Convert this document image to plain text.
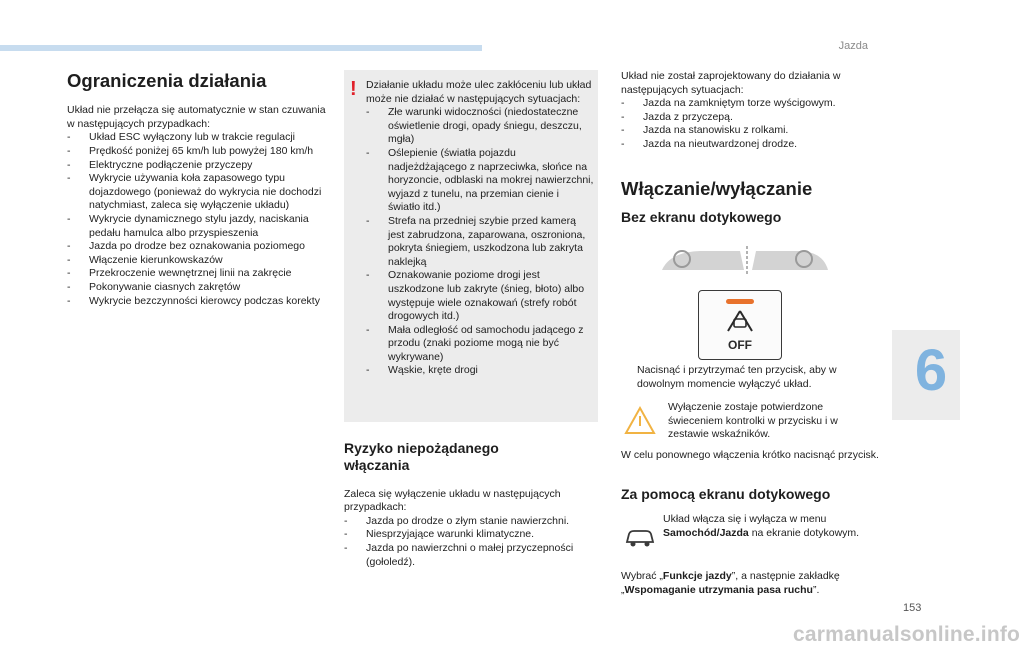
Jazda
6
153
carmanualsonline.info
Ograniczenia działania

Układ nie przełącza się automatycznie w stan czuwania w następujących przypadkach:

- Układ ESC wyłączony lub w trakcie regulacji
- Prędkość poniżej 65 km/h lub powyżej 180 km/h
- Elektryczne podłączenie przyczepy
- Wykrycie używania koła zapasowego typu dojazdowego (ponieważ do wykrycia nie dochodzi natychmiast, zaleca się wyłączenie układu)
- Wykrycie dynamicznego stylu jazdy, naciskania pedału hamulca albo przyspieszenia
- Jazda po drodze bez oznakowania poziomego
- Włączenie kierunkowskazów
- Przekroczenie wewnętrznej linii na zakręcie
- Pokonywanie ciasnych zakrętów
- Wykrycie bezczynności kierowcy podczas korekty
! Działanie układu może ulec zakłóceniu lub układ może nie działać w następujących sytuacjach:

- Złe warunki widoczności (niedostateczne oświetlenie drogi, opady śniegu, deszczu, mgła)
- Oślepienie (światła pojazdu nadjeżdżającego z naprzeciwka, słońce na horyzoncie, odblaski na mokrej nawierzchni, wyjazd z tunelu, na przemian cienie i światło itd.)
- Strefa na przedniej szybie przed kamerą jest zabrudzona, zaparowana, oszroniona, pokryta śniegiem, uszkodzona lub zakryta naklejką
- Oznakowanie poziome drogi jest uszkodzone lub zakryte (śnieg, błoto) albo występuje wiele oznakowań (strefy robót drogowych itd.)
- Mała odległość od samochodu jadącego z przodu (znaki poziome mogą nie być wykrywane)
- Wąskie, kręte drogi
Ryzyko niepożądanego włączania

Zaleca się wyłączenie układu w następujących przypadkach:

- Jazda po drodze o złym stanie nawierzchni.
- Niesprzyjające warunki klimatyczne.
- Jazda po nawierzchni o małej przyczepności (gołoledź).

Układ nie został zaprojektowany do działania w następujących sytuacjach:

- Jazda na zamkniętym torze wyścigowym.
- Jazda z przyczepą.
- Jazda na stanowisku z rolkami.
- Jazda na nieutwardzonej drodze.
Włączanie/wyłączanie
Bez ekranu dotykowego
OFF

Nacisnąć i przytrzymać ten przycisk, aby w dowolnym momencie wyłączyć układ.

Wyłączenie zostaje potwierdzone świeceniem kontrolki w przycisku i w zestawie wskaźników.

W celu ponownego włączenia krótko nacisnąć przycisk.

Za pomocą ekranu dotykowego

Układ włącza się i wyłącza w menu Samochód/Jazda na ekranie dotykowym.

Wybrać „Funkcje jazdy”, a następnie zakładkę „Wspomaganie utrzymania pasa ruchu”.
